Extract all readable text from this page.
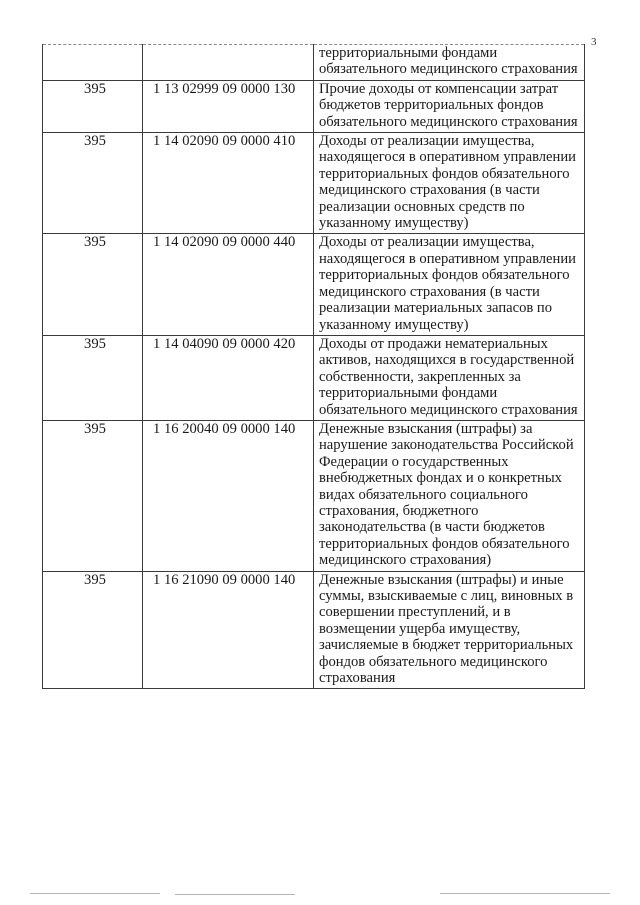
3
		территориальными фондами обязательного медицинского страхования
395	1 13 02999 09 0000 130	Прочие доходы от компенсации затрат бюджетов территориальных фондов обязательного медицинского страхования
395	1 14 02090 09 0000 410	Доходы от реализации имущества, находящегося в оперативном управлении территориальных фондов обязательного медицинского страхования (в части реализации основных средств по указанному имуществу)
395	1 14 02090 09 0000 440	Доходы от реализации имущества, находящегося в оперативном управлении территориальных фондов обязательного медицинского страхования (в части реализации материальных запасов по указанному имуществу)
395	1 14 04090 09 0000 420	Доходы от продажи нематериальных активов, находящихся в государственной собственности, закрепленных за территориальными фондами обязательного медицинского страхования
395	1 16 20040 09 0000 140	Денежные взыскания (штрафы) за нарушение законодательства Российской Федерации о государственных внебюджетных фондах и о конкретных видах обязательного социального страхования, бюджетного законодательства (в части бюджетов территориальных фондов обязательного медицинского страхования)
395	1 16 21090 09 0000 140	Денежные взыскания (штрафы) и иные суммы, взыскиваемые с лиц, виновных в совершении преступлений, и в возмещении ущерба имуществу, зачисляемые в бюджет территориальных фондов обязательного медицинского страхования
